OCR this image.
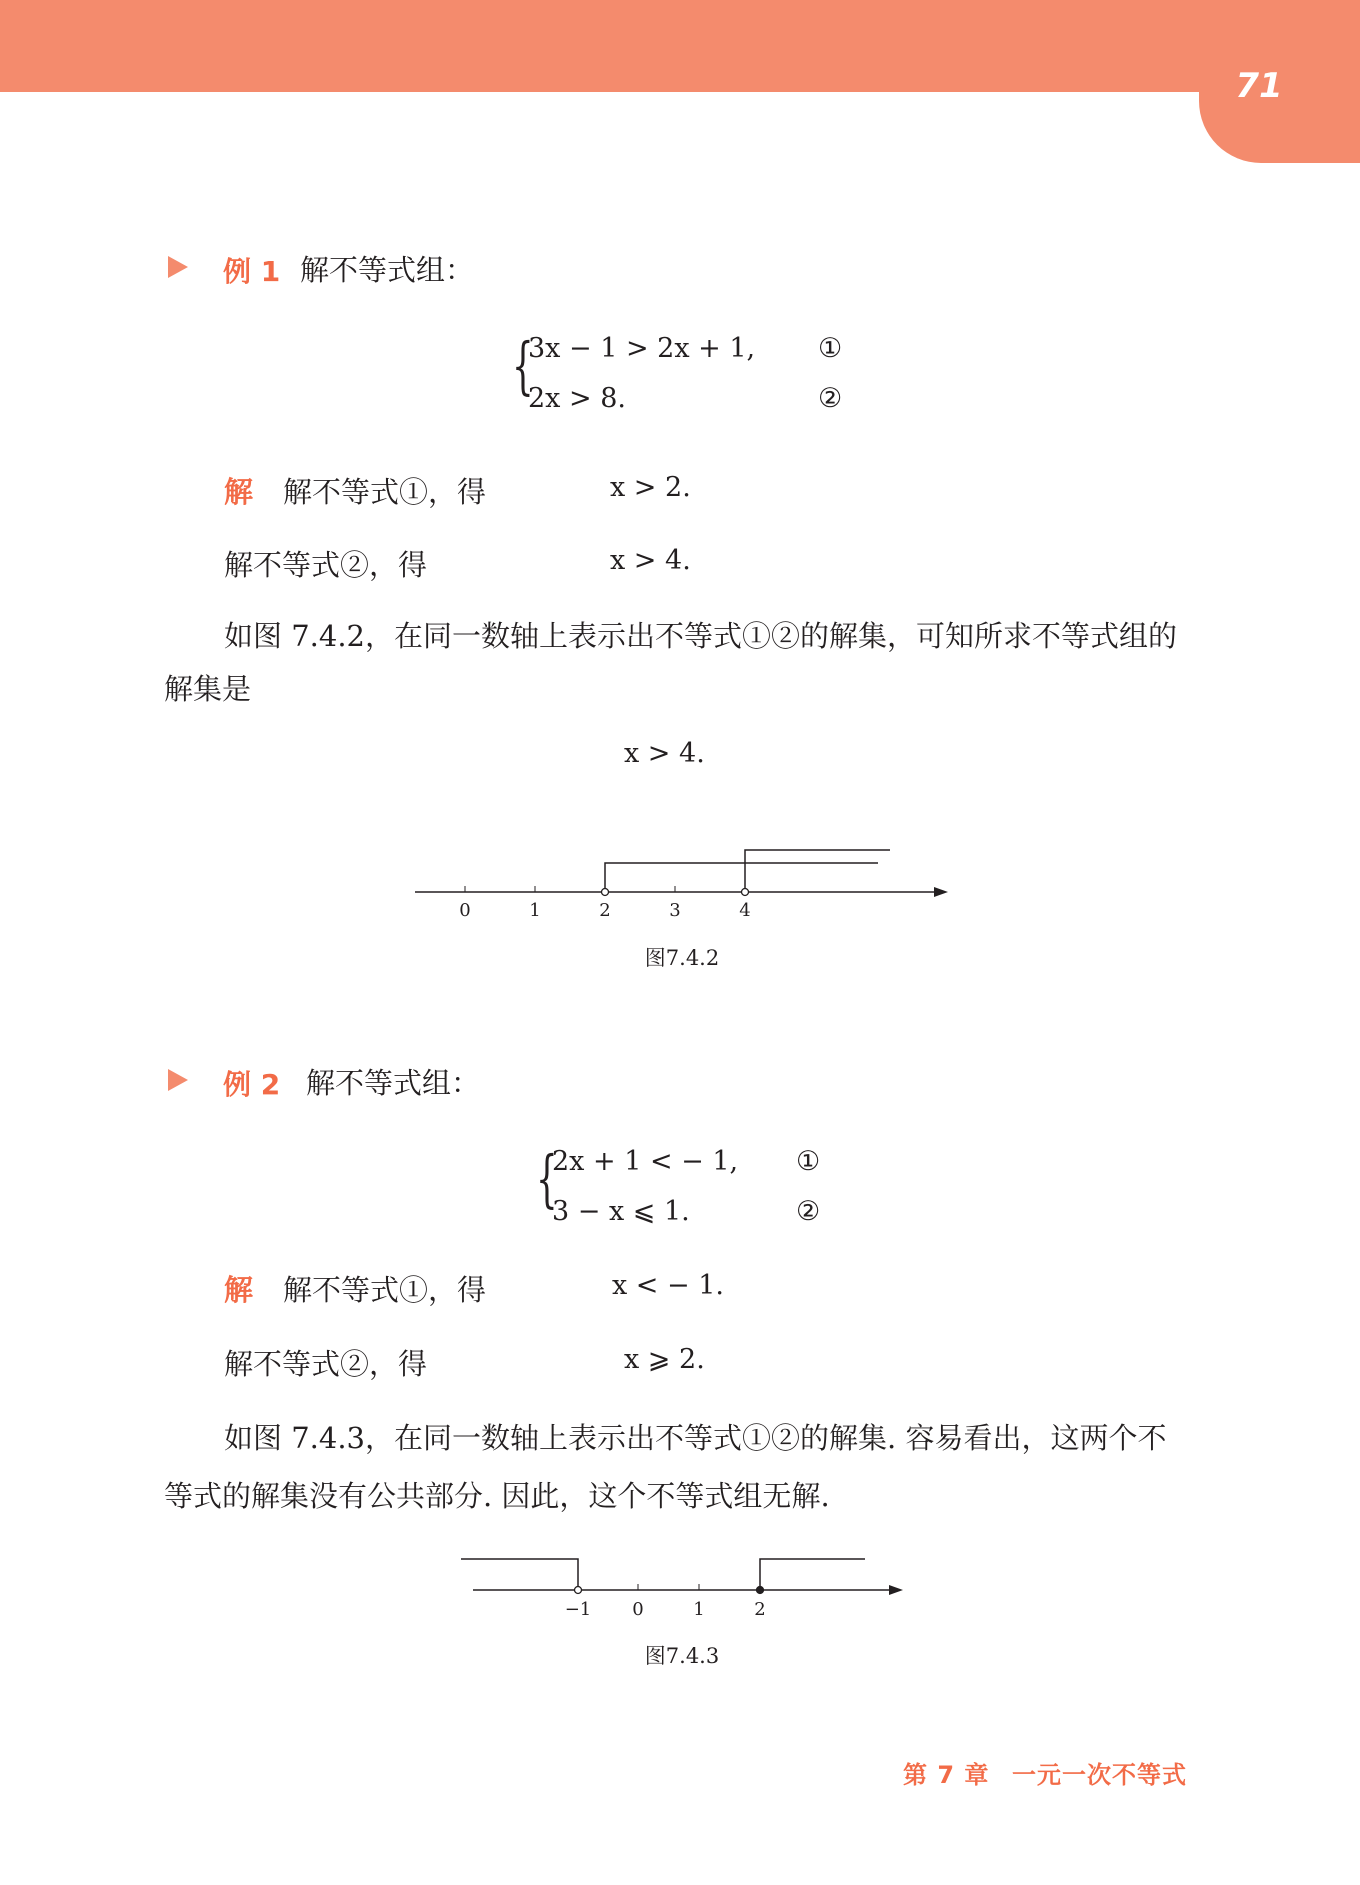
71
例 1 解不等式组：
{
3x − 1 > 2x + 1, ①
2x > 8.	②
解 解不等式①，得	x > 2.
解不等式②，得	x > 4.
如图 7.4.2，在同一数轴上表示出不等式①②的解集，可知所求不等式组的
解集是
x > 4.
0	1	2	3	4
图7.4.2
例 2 解不等式组：
{
2x + 1 < − 1, ①
3 − x ⩽ 1.	②
解 解不等式①，得	x < − 1.
解不等式②，得	x ⩾ 2.
如图 7.4.3，在同一数轴上表示出不等式①②的解集. 容易看出，这两个不
等式的解集没有公共部分. 因此，这个不等式组无解.
−1 0	1	2
图7.4.3
第 7 章 一元一次不等式
